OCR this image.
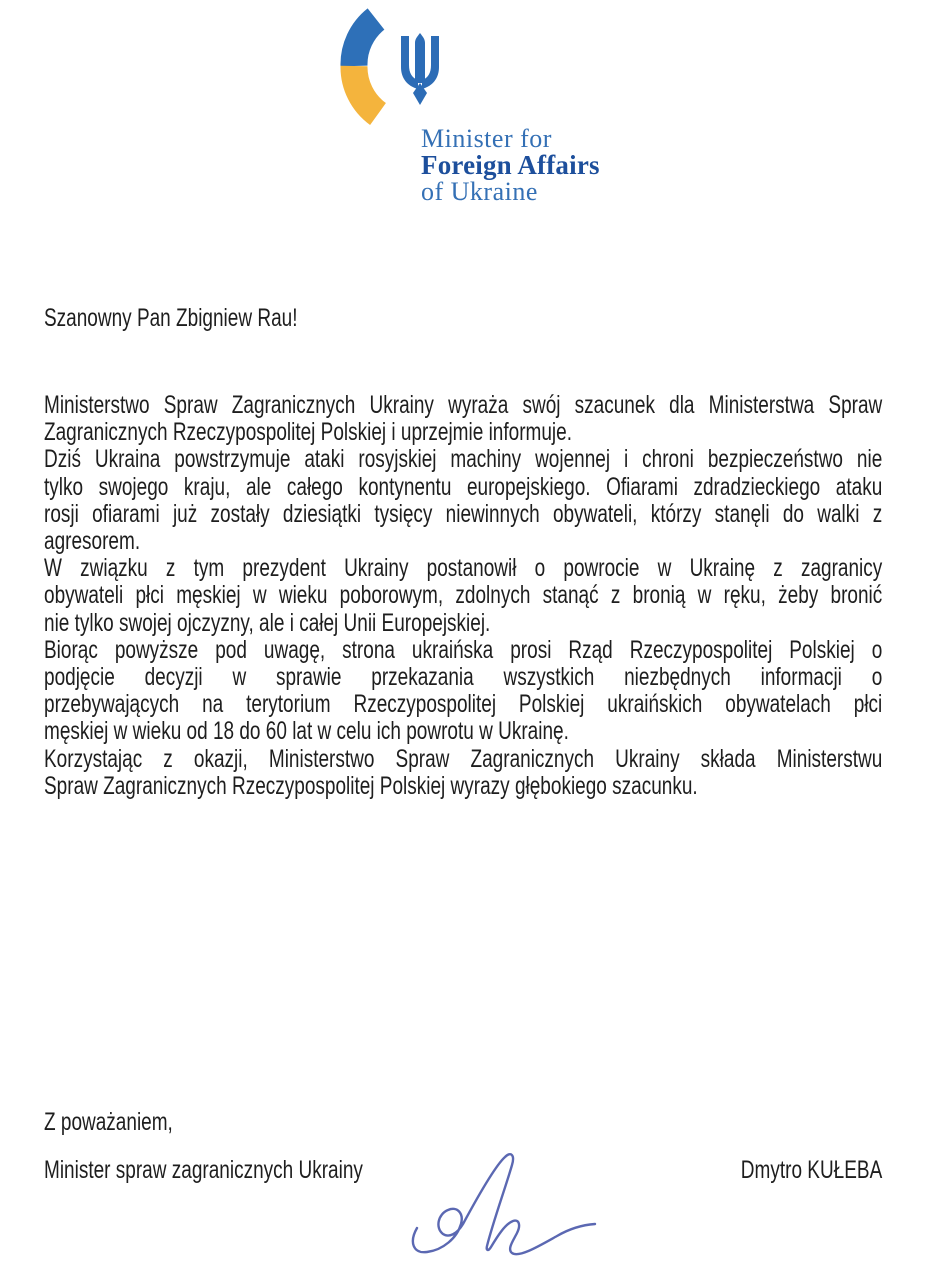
Minister for
Foreign Affairs
of Ukraine
Szanowny Pan Zbigniew Rau!
Ministerstwo Spraw Zagranicznych Ukrainy wyraża swój szacunek dla Ministerstwa Spraw
Zagranicznych Rzeczypospolitej Polskiej i uprzejmie informuje.
Dziś Ukraina powstrzymuje ataki rosyjskiej machiny wojennej i chroni bezpieczeństwo nie
tylko swojego kraju, ale całego kontynentu europejskiego. Ofiarami zdradzieckiego ataku
rosji ofiarami już zostały dziesiątki tysięcy niewinnych obywateli, którzy stanęli do walki z
agresorem.
W związku z tym prezydent Ukrainy postanowił o powrocie w Ukrainę z zagranicy
obywateli płci męskiej w wieku poborowym, zdolnych stanąć z bronią w ręku, żeby bronić
nie tylko swojej ojczyzny, ale i całej Unii Europejskiej.
Biorąc powyższe pod uwagę, strona ukraińska prosi Rząd Rzeczypospolitej Polskiej o
podjęcie decyzji w sprawie przekazania wszystkich niezbędnych informacji o
przebywających na terytorium Rzeczypospolitej Polskiej ukraińskich obywatelach płci
męskiej w wieku od 18 do 60 lat w celu ich powrotu w Ukrainę.
Korzystając z okazji, Ministerstwo Spraw Zagranicznych Ukrainy składa Ministerstwu
Spraw Zagranicznych Rzeczypospolitej Polskiej wyrazy głębokiego szacunku.
Z poważaniem,
Minister spraw zagranicznych Ukrainy	Dmytro KUŁEBA
